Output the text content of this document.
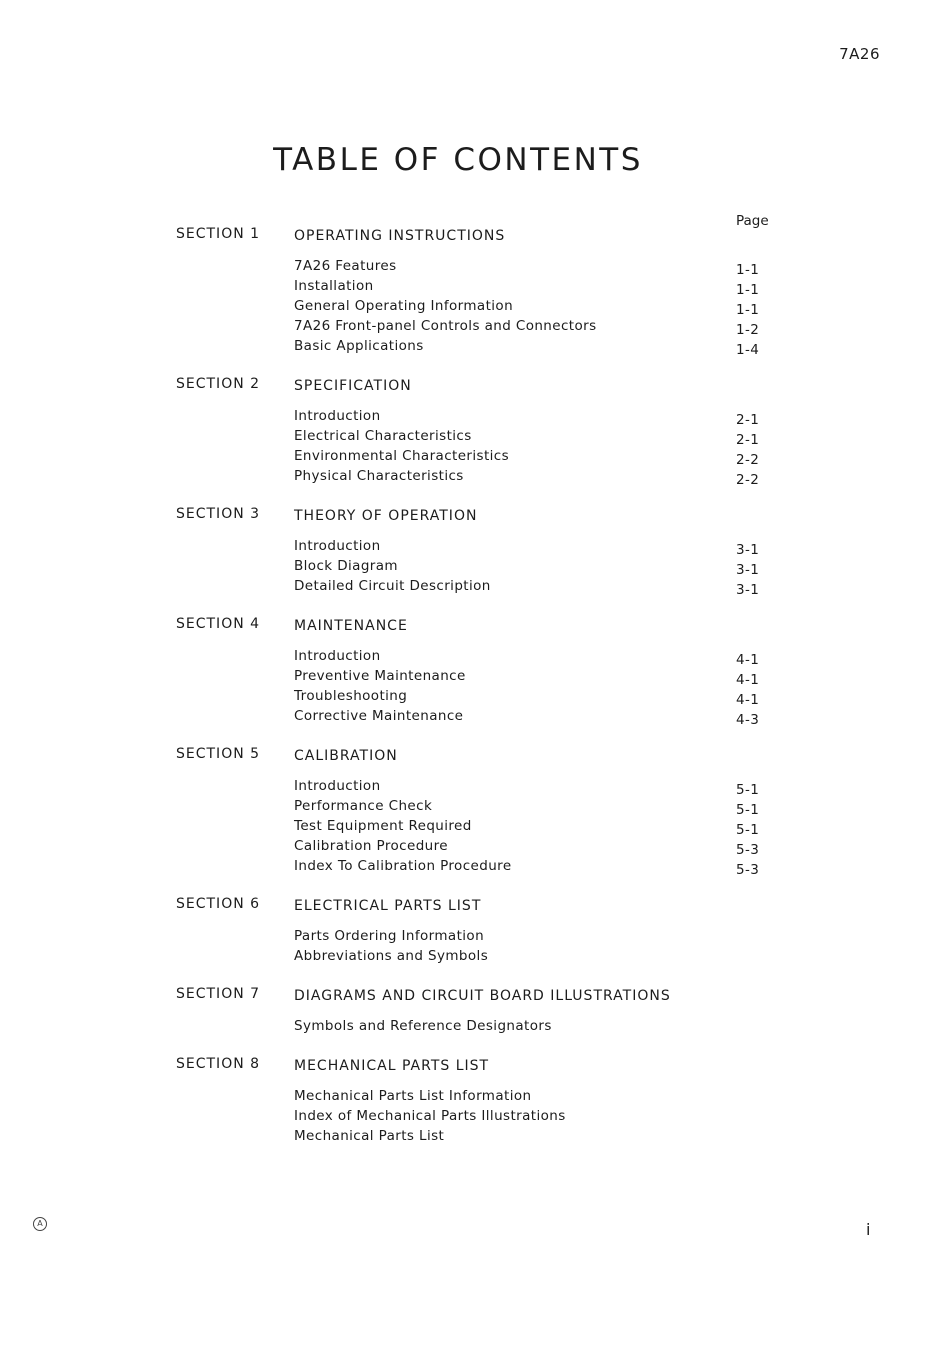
7A26
TABLE OF CONTENTS
Page
SECTION 1 OPERATING INSTRUCTIONS
7A26 Features	1-1
Installation	1-1
General Operating Information	1-1
7A26 Front-panel Controls and Connectors	1-2
Basic Applications	1-4
SECTION 2 SPECIFICATION
Introduction	2-1
Electrical Characteristics	2-1
Environmental Characteristics	2-2
Physical Characteristics	2-2
SECTION 3 THEORY OF OPERATION
Introduction	3-1
Block Diagram	3-1
Detailed Circuit Description	3-1
SECTION 4 MAINTENANCE
Introduction	4-1
Preventive Maintenance	4-1
Troubleshooting	4-1
Corrective Maintenance	4-3
SECTION 5 CALIBRATION
Introduction	5-1
Performance Check	5-1
Test Equipment Required	5-1
Calibration Procedure	5-3
Index To Calibration Procedure	5-3
SECTION 6 ELECTRICAL PARTS LIST
Parts Ordering Information
Abbreviations and Symbols
SECTION 7 DIAGRAMS AND CIRCUIT BOARD ILLUSTRATIONS
Symbols and Reference Designators
SECTION 8 MECHANICAL PARTS LIST
Mechanical Parts List Information
Index of Mechanical Parts Illustrations
Mechanical Parts List
A	i
